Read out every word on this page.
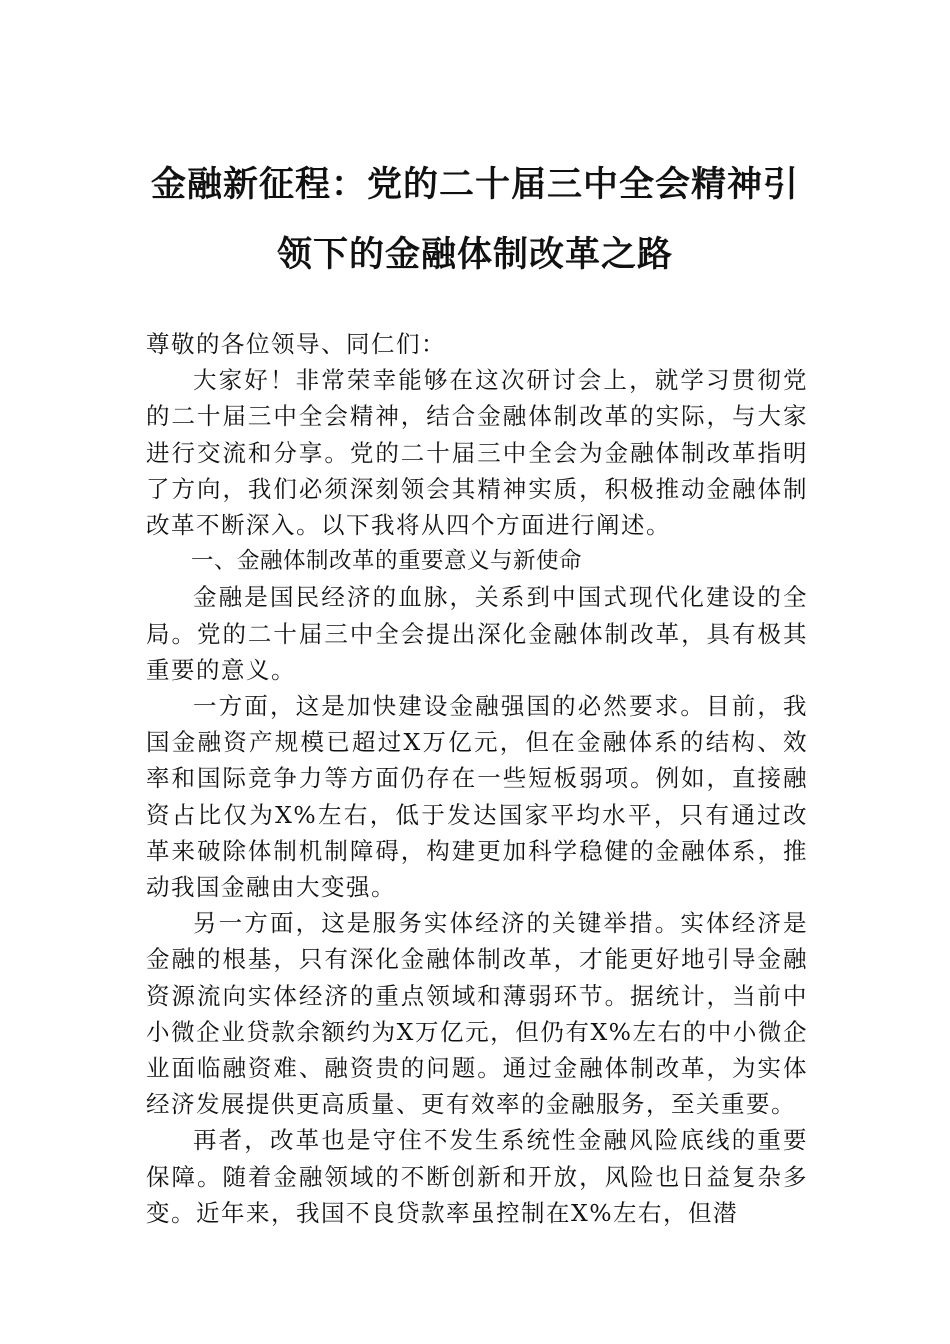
金融新征程：党的二十届三中全会精神引
领下的金融体制改革之路

尊敬的各位领导、同仁们：

大家好！非常荣幸能够在这次研讨会上，就学习贯彻党的二十届三中全会精神，结合金融体制改革的实际，与大家进行交流和分享。党的二十届三中全会为金融体制改革指明了方向，我们必须深刻领会其精神实质，积极推动金融体制改革不断深入。以下我将从四个方面进行阐述。

一、金融体制改革的重要意义与新使命

金融是国民经济的血脉，关系到中国式现代化建设的全局。党的二十届三中全会提出深化金融体制改革，具有极其重要的意义。

一方面，这是加快建设金融强国的必然要求。目前，我国金融资产规模已超过X万亿元，但在金融体系的结构、效率和国际竞争力等方面仍存在一些短板弱项。例如，直接融资占比仅为X%左右，低于发达国家平均水平，只有通过改革来破除体制机制障碍，构建更加科学稳健的金融体系，推动我国金融由大变强。

另一方面，这是服务实体经济的关键举措。实体经济是金融的根基，只有深化金融体制改革，才能更好地引导金融资源流向实体经济的重点领域和薄弱环节。据统计，当前中小微企业贷款余额约为X万亿元，但仍有X%左右的中小微企业面临融资难、融资贵的问题。通过金融体制改革，为实体经济发展提供更高质量、更有效率的金融服务，至关重要。

再者，改革也是守住不发生系统性金融风险底线的重要保障。随着金融领域的不断创新和开放，风险也日益复杂多变。近年来，我国不良贷款率虽控制在X%左右，但潜
